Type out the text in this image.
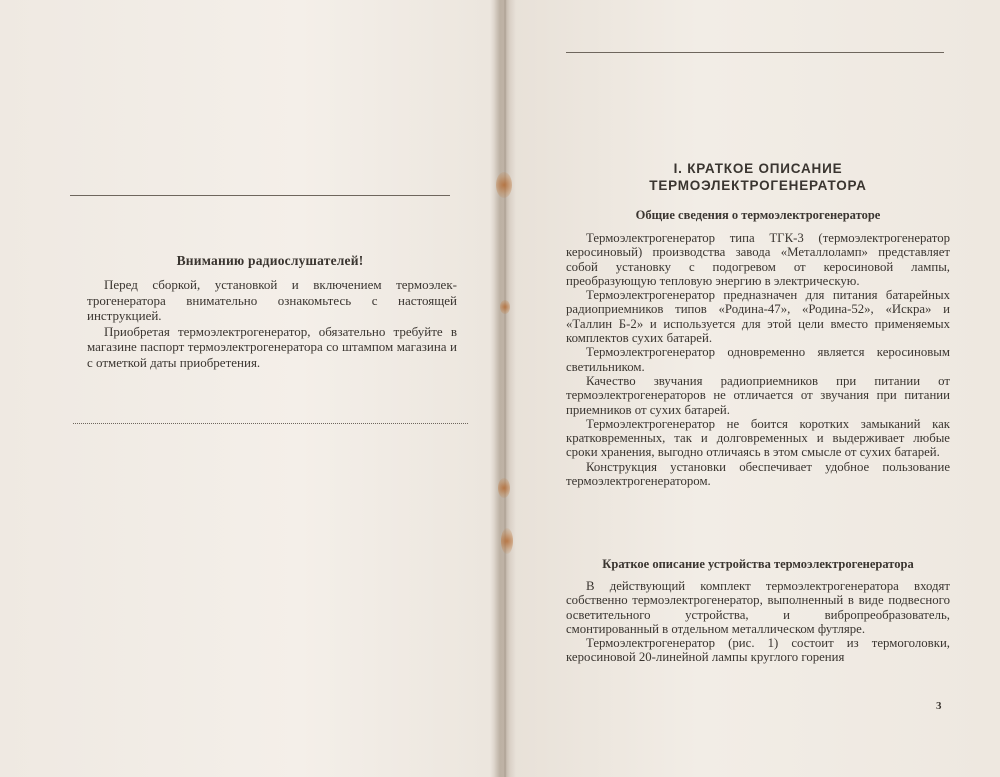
Вниманию радиослушателей!

Перед сборкой, установкой и включением термоэлектрогенератора внимательно ознакомьтесь с настоящей инструкцией.

Приобретая термоэлектрогенератор, обязательно требуйте в магазине паспорт термоэлектрогенератора со штампом магазина и с отметкой даты приобретения.

I. КРАТКОЕ ОПИСАНИЕ
ТЕРМОЭЛЕКТРОГЕНЕРАТОРА
Общие сведения о термоэлектрогенераторе

Термоэлектрогенератор типа ТГК-3 (термоэлектрогенератор керосиновый) производства завода «Металлоламп» представляет собой установку с подогревом от керосиновой лампы, преобразующую тепловую энергию в электрическую.

Термоэлектрогенератор предназначен для питания батарейных радиоприемников типов «Родина-47», «Родина-52», «Искра» и «Таллин Б-2» и используется для этой цели вместо применяемых комплектов сухих батарей.

Термоэлектрогенератор одновременно является керосиновым светильником.

Качество звучания радиоприемников при питании от термоэлектрогенераторов не отличается от звучания при питании приемников от сухих батарей.

Термоэлектрогенератор не боится коротких замыканий как кратковременных, так и долговременных и выдерживает любые сроки хранения, выгодно отличаясь в этом смысле от сухих батарей.

Конструкция установки обеспечивает удобное пользование термоэлектрогенератором.

Краткое описание устройства термоэлектрогенератора

В действующий комплект термоэлектрогенератора входят собственно термоэлектрогенератор, выполненный в виде подвесного осветительного устройства, и вибропреобразователь, смонтированный в отдельном металлическом футляре.

Термоэлектрогенератор (рис. 1) состоит из термоголовки, керосиновой 20-линейной лампы круглого горения

3
